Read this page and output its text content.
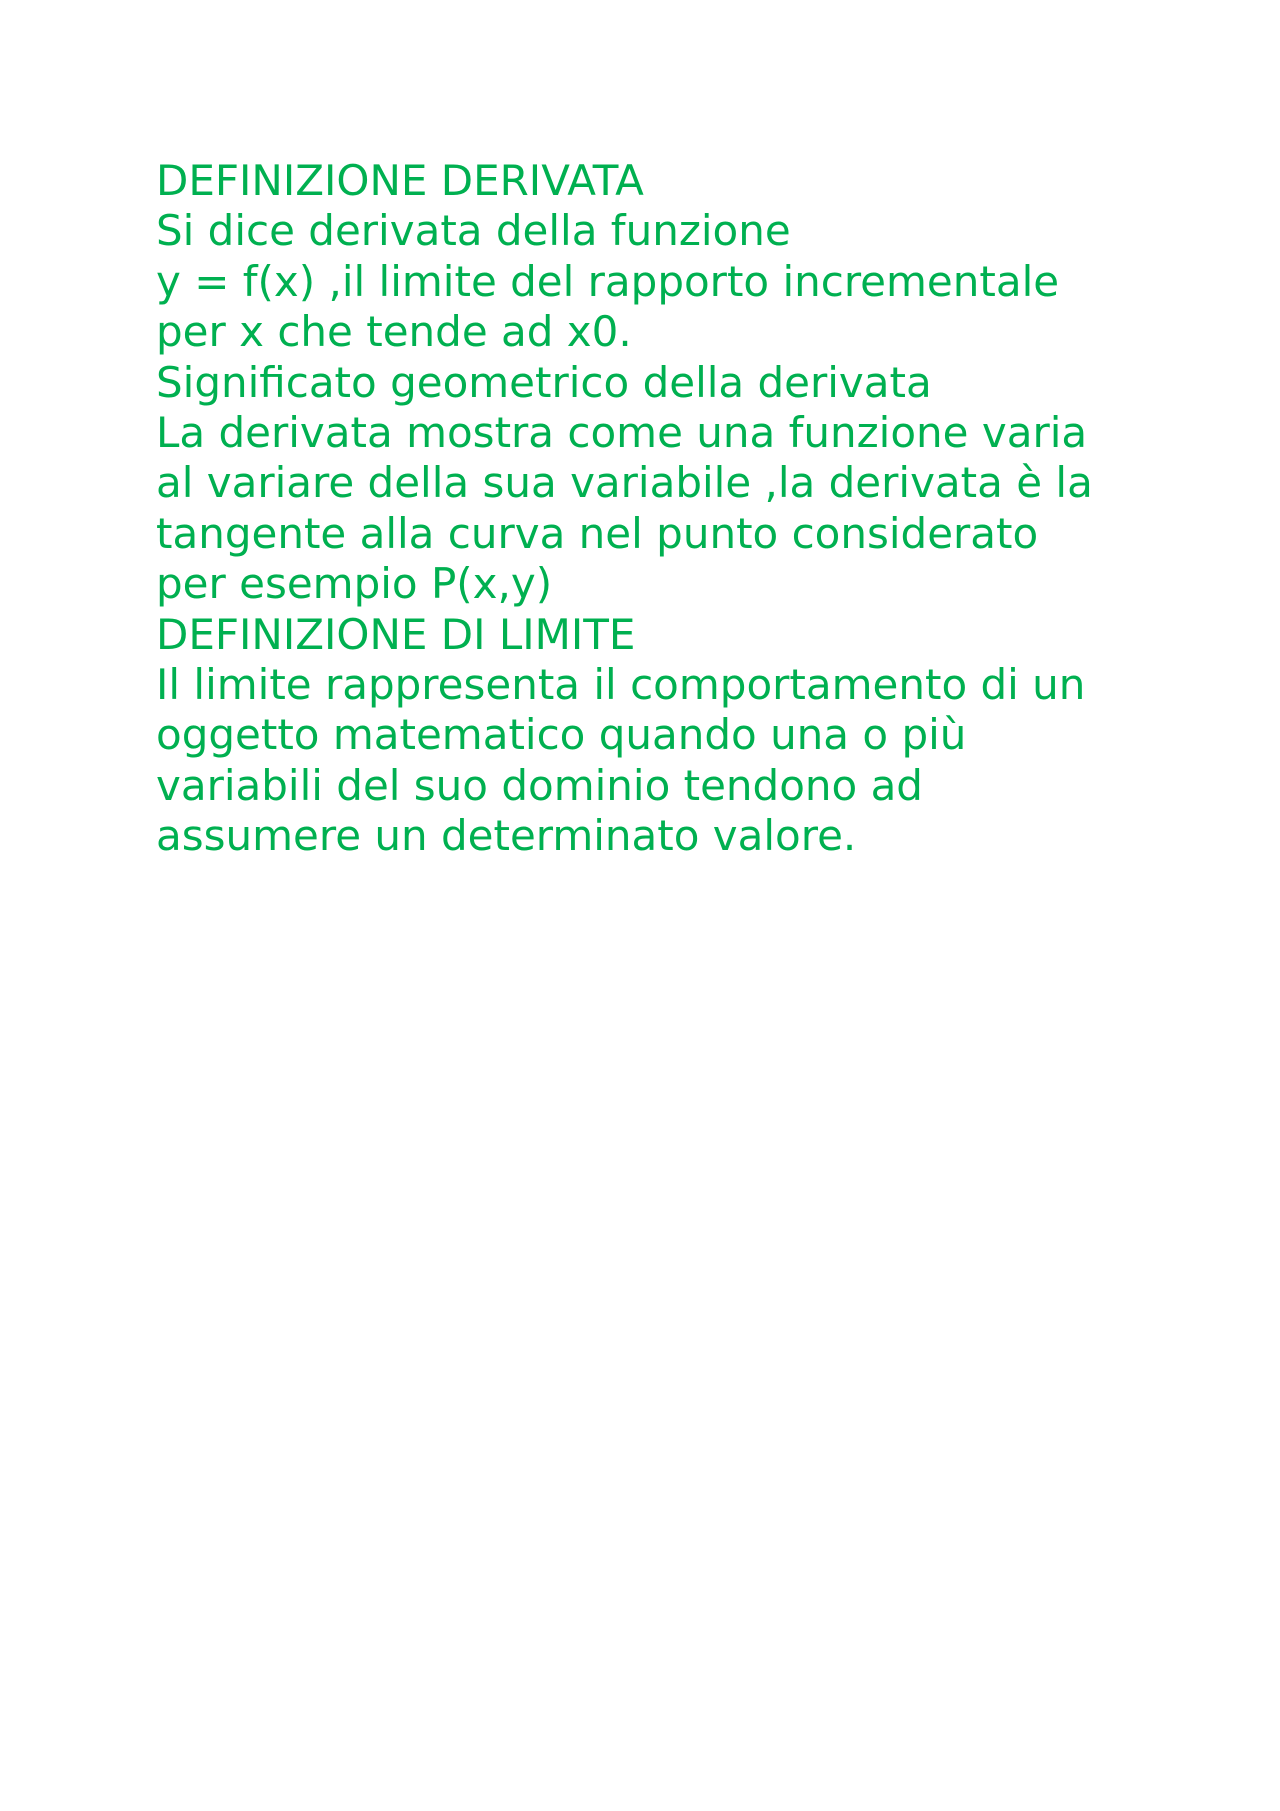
DEFINIZIONE DERIVATA
Si dice derivata della funzione
y = f(x) ,il limite del rapporto incrementale
per x che tende ad x0.
Significato geometrico della derivata
La derivata mostra come una funzione varia
al variare della sua variabile ,la derivata è la
tangente alla curva nel punto considerato
per esempio P(x,y)
DEFINIZIONE DI LIMITE
Il limite rappresenta il comportamento di un
oggetto matematico quando una o più
variabili del suo dominio tendono ad
assumere un determinato valore.
